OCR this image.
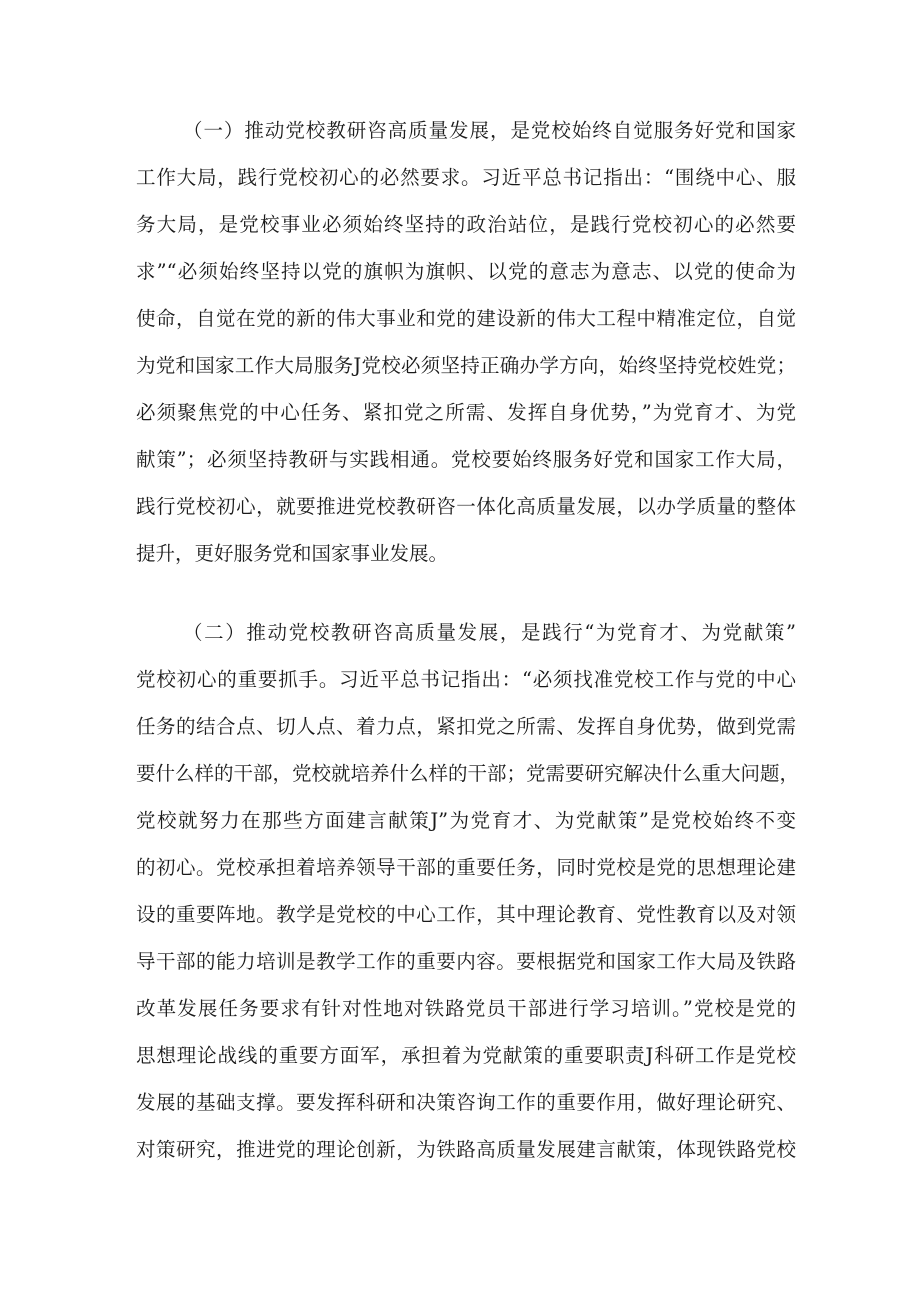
（一）推动党校教研咨高质量发展，是党校始终自觉服务好党和国家
工作大局，践行党校初心的必然要求。习近平总书记指出：“围绕中心、服
务大局，是党校事业必须始终坚持的政治站位，是践行党校初心的必然要
求”“必须始终坚持以党的旗帜为旗帜、以党的意志为意志、以党的使命为
使命，自觉在党的新的伟大事业和党的建设新的伟大工程中精准定位，自觉
为党和国家工作大局服务J党校必须坚持正确办学方向，始终坚持党校姓党；
必须聚焦党的中心任务、紧扣党之所需、发挥自身优势，”为党育才、为党
献策”；必须坚持教研与实践相通。党校要始终服务好党和国家工作大局，
践行党校初心，就要推进党校教研咨一体化高质量发展，以办学质量的整体
提升，更好服务党和国家事业发展。
（二）推动党校教研咨高质量发展，是践行“为党育才、为党献策”
党校初心的重要抓手。习近平总书记指出：“必须找准党校工作与党的中心
任务的结合点、切人点、着力点，紧扣党之所需、发挥自身优势，做到党需
要什么样的干部，党校就培养什么样的干部；党需要研究解决什么重大问题，
党校就努力在那些方面建言献策J”为党育才、为党献策”是党校始终不变
的初心。党校承担着培养领导干部的重要任务，同时党校是党的思想理论建
设的重要阵地。教学是党校的中心工作，其中理论教育、党性教育以及对领
导干部的能力培训是教学工作的重要内容。要根据党和国家工作大局及铁路
改革发展任务要求有针对性地对铁路党员干部进行学习培训。”党校是党的
思想理论战线的重要方面军，承担着为党献策的重要职责J科研工作是党校
发展的基础支撑。要发挥科研和决策咨询工作的重要作用，做好理论研究、
对策研究，推进党的理论创新，为铁路高质量发展建言献策，体现铁路党校
